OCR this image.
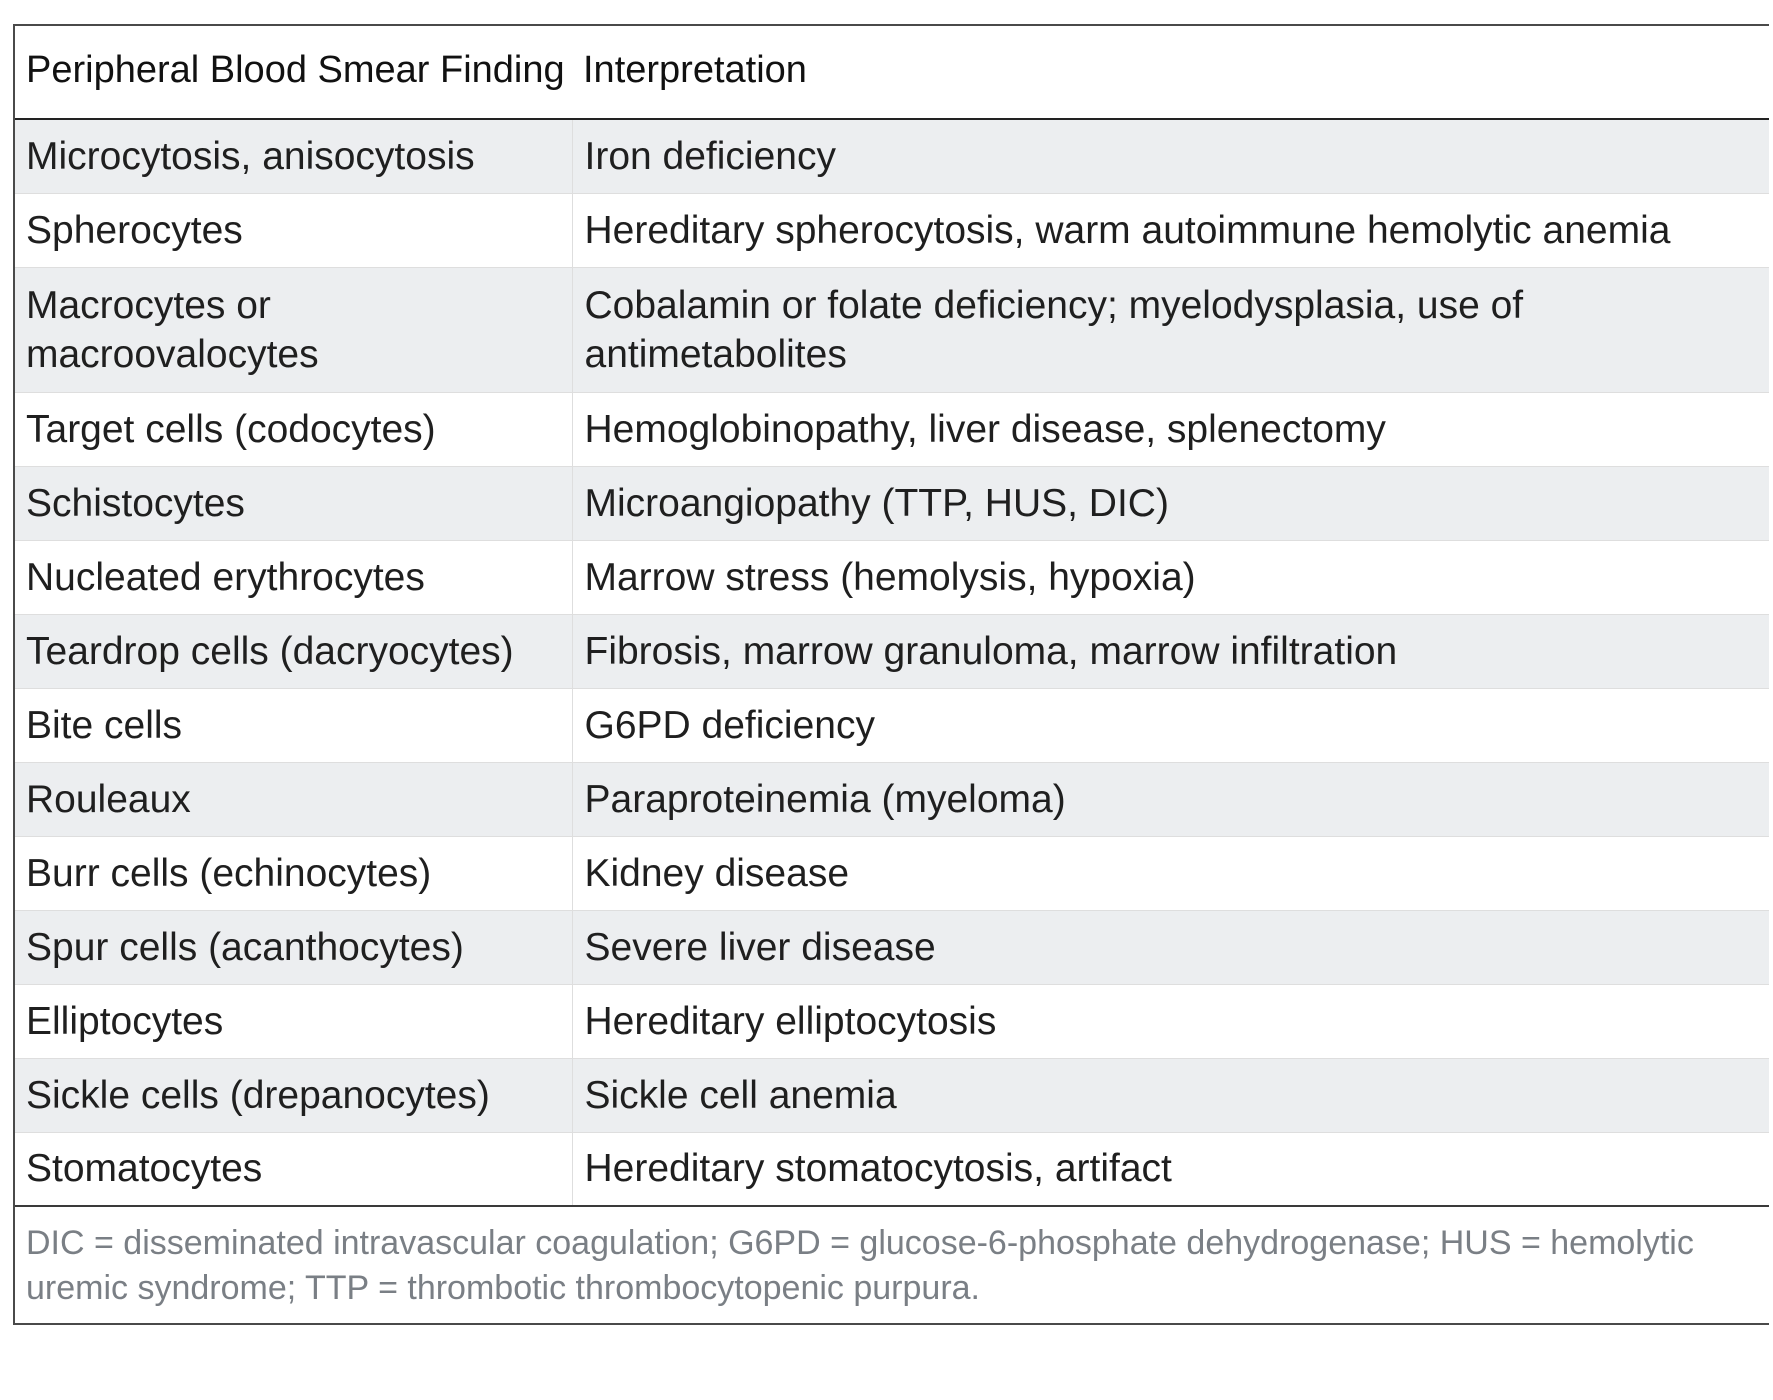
Peripheral Blood Smear Finding	Interpretation
Microcytosis, anisocytosis	Iron deficiency
Spherocytes	Hereditary spherocytosis, warm autoimmune hemolytic anemia
Macrocytes or macroovalocytes	Cobalamin or folate deficiency; myelodysplasia, use of antimetabolites
Target cells (codocytes)	Hemoglobinopathy, liver disease, splenectomy
Schistocytes	Microangiopathy (TTP, HUS, DIC)
Nucleated erythrocytes	Marrow stress (hemolysis, hypoxia)
Teardrop cells (dacryocytes)	Fibrosis, marrow granuloma, marrow infiltration
Bite cells	G6PD deficiency
Rouleaux	Paraproteinemia (myeloma)
Burr cells (echinocytes)	Kidney disease
Spur cells (acanthocytes)	Severe liver disease
Elliptocytes	Hereditary elliptocytosis
Sickle cells (drepanocytes)	Sickle cell anemia
Stomatocytes	Hereditary stomatocytosis, artifact
DIC = disseminated intravascular coagulation; G6PD = glucose-6-phosphate dehydrogenase; HUS = hemolytic uremic syndrome; TTP = thrombotic thrombocytopenic purpura.	
